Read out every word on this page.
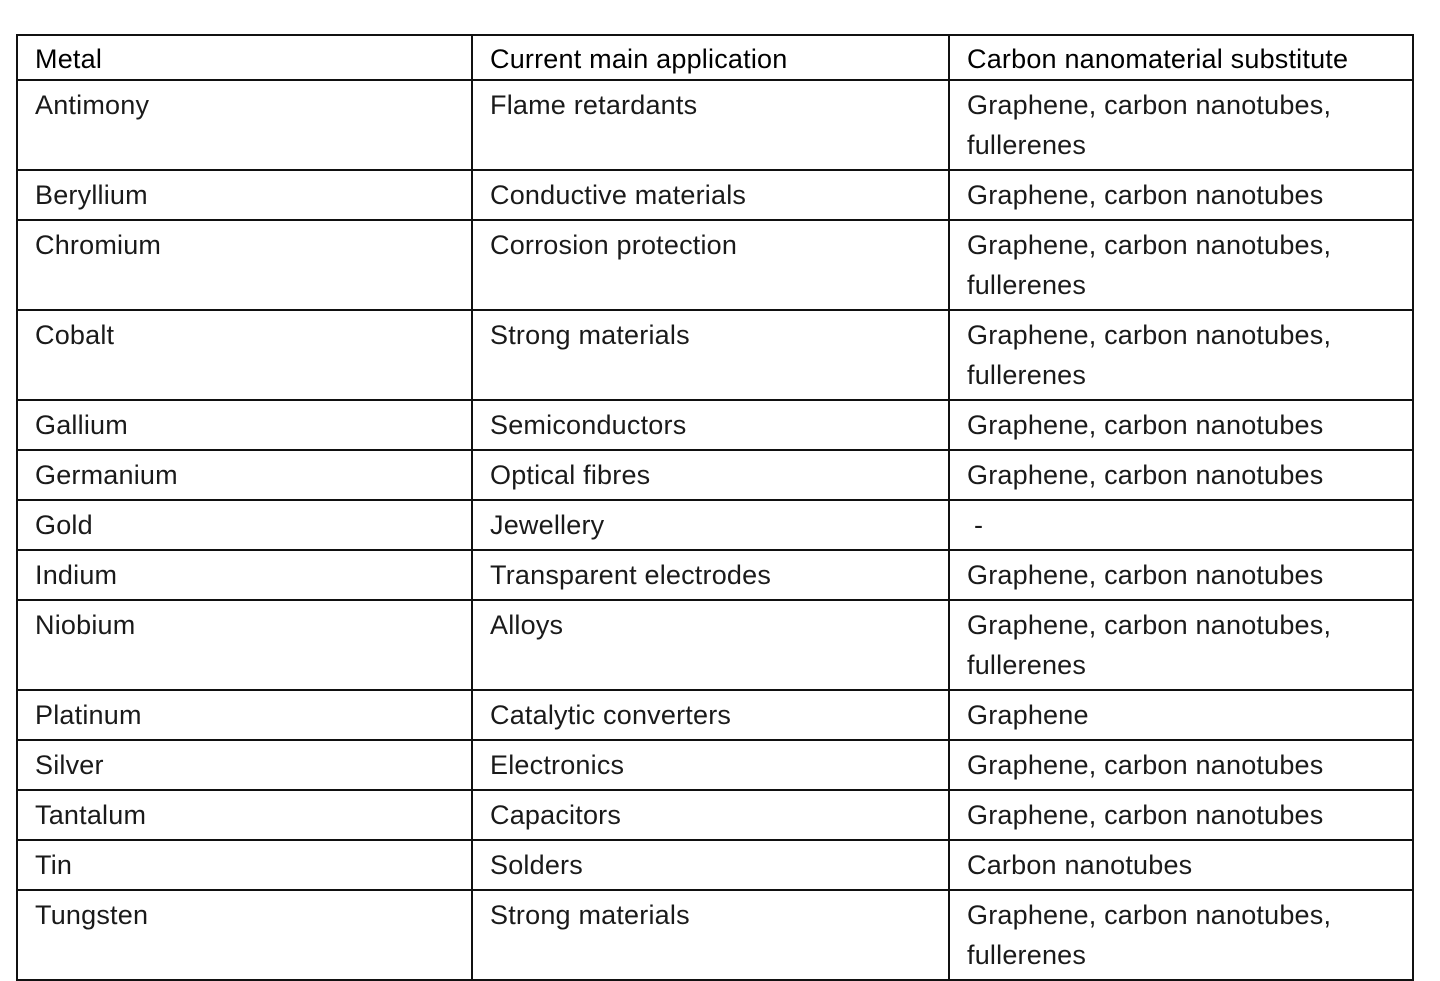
Metal	Current main application	Carbon nanomaterial substitute
Antimony	Flame retardants	Graphene, carbon nanotubes, fullerenes
Beryllium	Conductive materials	Graphene, carbon nanotubes
Chromium	Corrosion protection	Graphene, carbon nanotubes, fullerenes
Cobalt	Strong materials	Graphene, carbon nanotubes, fullerenes
Gallium	Semiconductors	Graphene, carbon nanotubes
Germanium	Optical fibres	Graphene, carbon nanotubes
Gold	Jewellery	-
Indium	Transparent electrodes	Graphene, carbon nanotubes
Niobium	Alloys	Graphene, carbon nanotubes, fullerenes
Platinum	Catalytic converters	Graphene
Silver	Electronics	Graphene, carbon nanotubes
Tantalum	Capacitors	Graphene, carbon nanotubes
Tin	Solders	Carbon nanotubes
Tungsten	Strong materials	Graphene, carbon nanotubes, fullerenes
